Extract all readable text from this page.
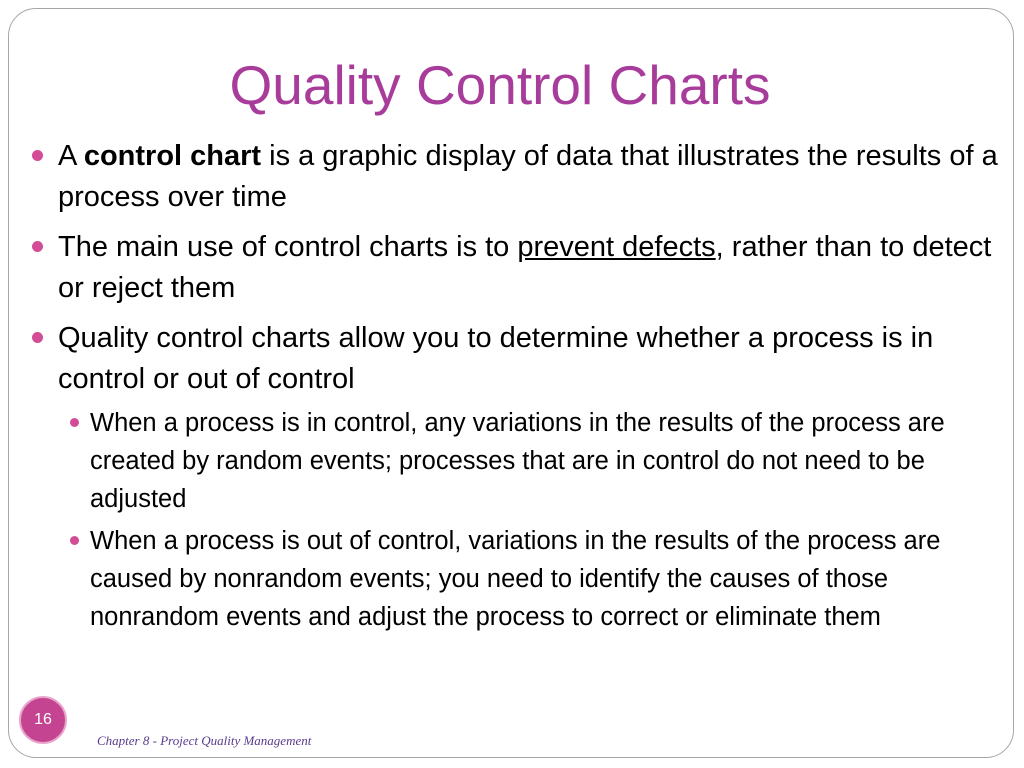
Quality Control Charts
A control chart is a graphic display of data that illustrates the results of a process over time
The main use of control charts is to prevent defects, rather than to detect or reject them
Quality control charts allow you to determine whether a process is in control or out of control
When a process is in control, any variations in the results of the process are created by random events; processes that are in control do not need to be adjusted
When a process is out of control, variations in the results of the process are caused by nonrandom events; you need to identify the causes of those nonrandom events and adjust the process to correct or eliminate them
16
Chapter 8 - Project Quality Management
